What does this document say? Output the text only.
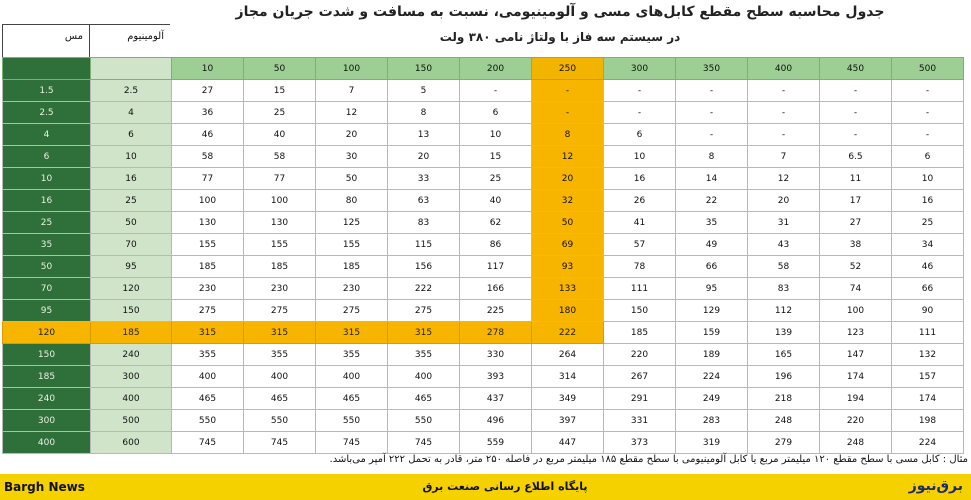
جدول محاسبه سطح مقطع کابل‌های مسی و آلومینیومی، نسبت به مسافت و شدت جریان مجاز
در سیستم سه فاز با ولتاژ نامی ۳۸۰ ولت
مس	آلومینیوم
		10	50	100	150	200	250	300	350	400	450	500
1.5	2.5	27	15	7	5	-	-	-	-	-	-	-
2.5	4	36	25	12	8	6	-	-	-	-	-	-
4	6	46	40	20	13	10	8	6	-	-	-	-
6	10	58	58	30	20	15	12	10	8	7	6.5	6
10	16	77	77	50	33	25	20	16	14	12	11	10
16	25	100	100	80	63	40	32	26	22	20	17	16
25	50	130	130	125	83	62	50	41	35	31	27	25
35	70	155	155	155	115	86	69	57	49	43	38	34
50	95	185	185	185	156	117	93	78	66	58	52	46
70	120	230	230	230	222	166	133	111	95	83	74	66
95	150	275	275	275	275	225	180	150	129	112	100	90
120	185	315	315	315	315	278	222	185	159	139	123	111
150	240	355	355	355	355	330	264	220	189	165	147	132
185	300	400	400	400	400	393	314	267	224	196	174	157
240	400	465	465	465	465	437	349	291	249	218	194	174
300	500	550	550	550	550	496	397	331	283	248	220	198
400	600	745	745	745	745	559	447	373	319	279	248	224
مثال : کابل مسی با سطح مقطع ۱۲۰ میلیمتر مربع یا کابل آلومینیومی با سطح مقطع ۱۸۵ میلیمتر مربع در فاصله ۲۵۰ متر، قادر به تحمل ۲۲۲ آمپر می‌باشد.
Bargh News	پایگاه اطلاع رسانی صنعت برق	برق‌نیوز
